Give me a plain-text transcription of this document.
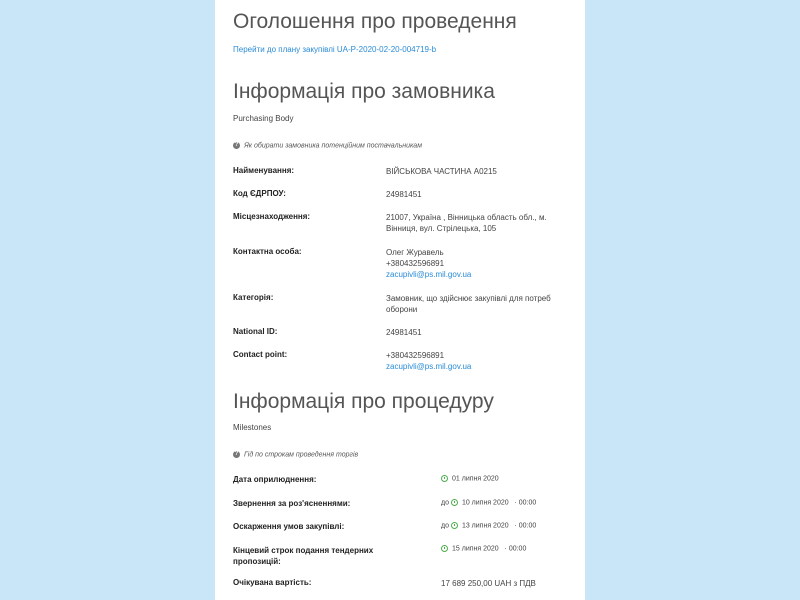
Оголошення про проведення
Перейти до плану закупівлі UA-P-2020-02-20-004719-b
Інформація про замовника
Purchasing Body
? Як обирати замовника потенційним постачальникам
Найменування:	ВІЙСЬКОВА ЧАСТИНА А0215
Код ЄДРПОУ:	24981451
Місцезнаходження:	21007, Україна , Вінницька область обл., м.
Вінниця, вул. Стрілецька, 105
Контактна особа:	Олег Журавель
+380432596891
zacupivli@ps.mil.gov.ua
Категорія:	Замовник, що здійснює закупівлі для потреб
оборони
National ID:	24981451
Contact point:	+380432596891
zacupivli@ps.mil.gov.ua
Інформація про процедуру
Milestones
? Гід по строкам проведення торгів
Дата оприлюднення:	01 липня 2020
Звернення за роз'ясненнями:	до 10 липня 2020 · 00:00
Оскарження умов закупівлі:	до 13 липня 2020 · 00:00
Кінцевий строк подання тендерних
пропозицій:
15 липня 2020 · 00:00
Очікувана вартість:	17 689 250,00 UAH з ПДВ
